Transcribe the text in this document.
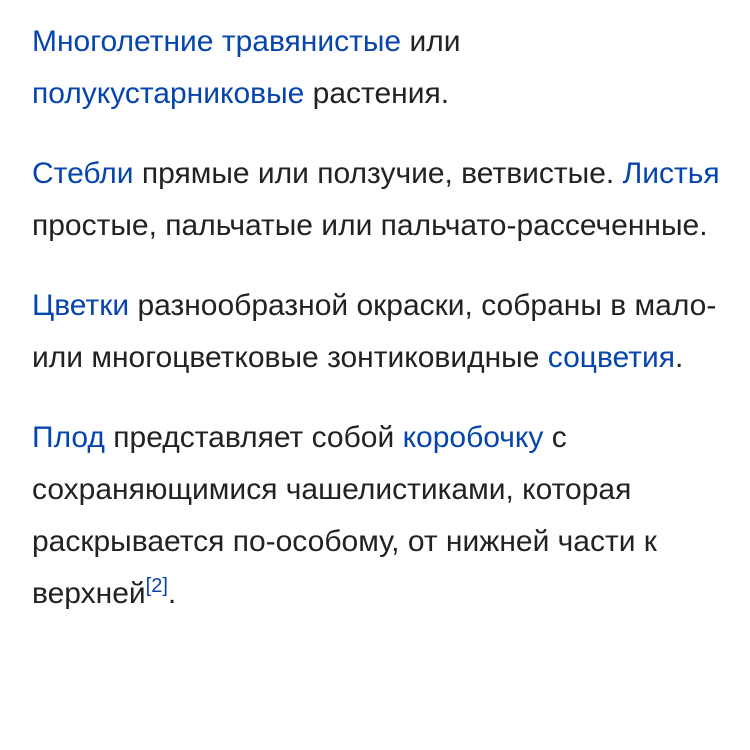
Многолетние травянистые или
полукустарниковые растения.

Стебли прямые или ползучие, ветвистые. Листья простые, пальчатые или пальчато-рассеченные.

Цветки разнообразной окраски, собраны в мало- или многоцветковые зонтиковидные соцветия.

Плод представляет собой коробочку с сохраняющимися чашелистиками, которая раскрывается по-особому, от нижней части к верхней[2].
